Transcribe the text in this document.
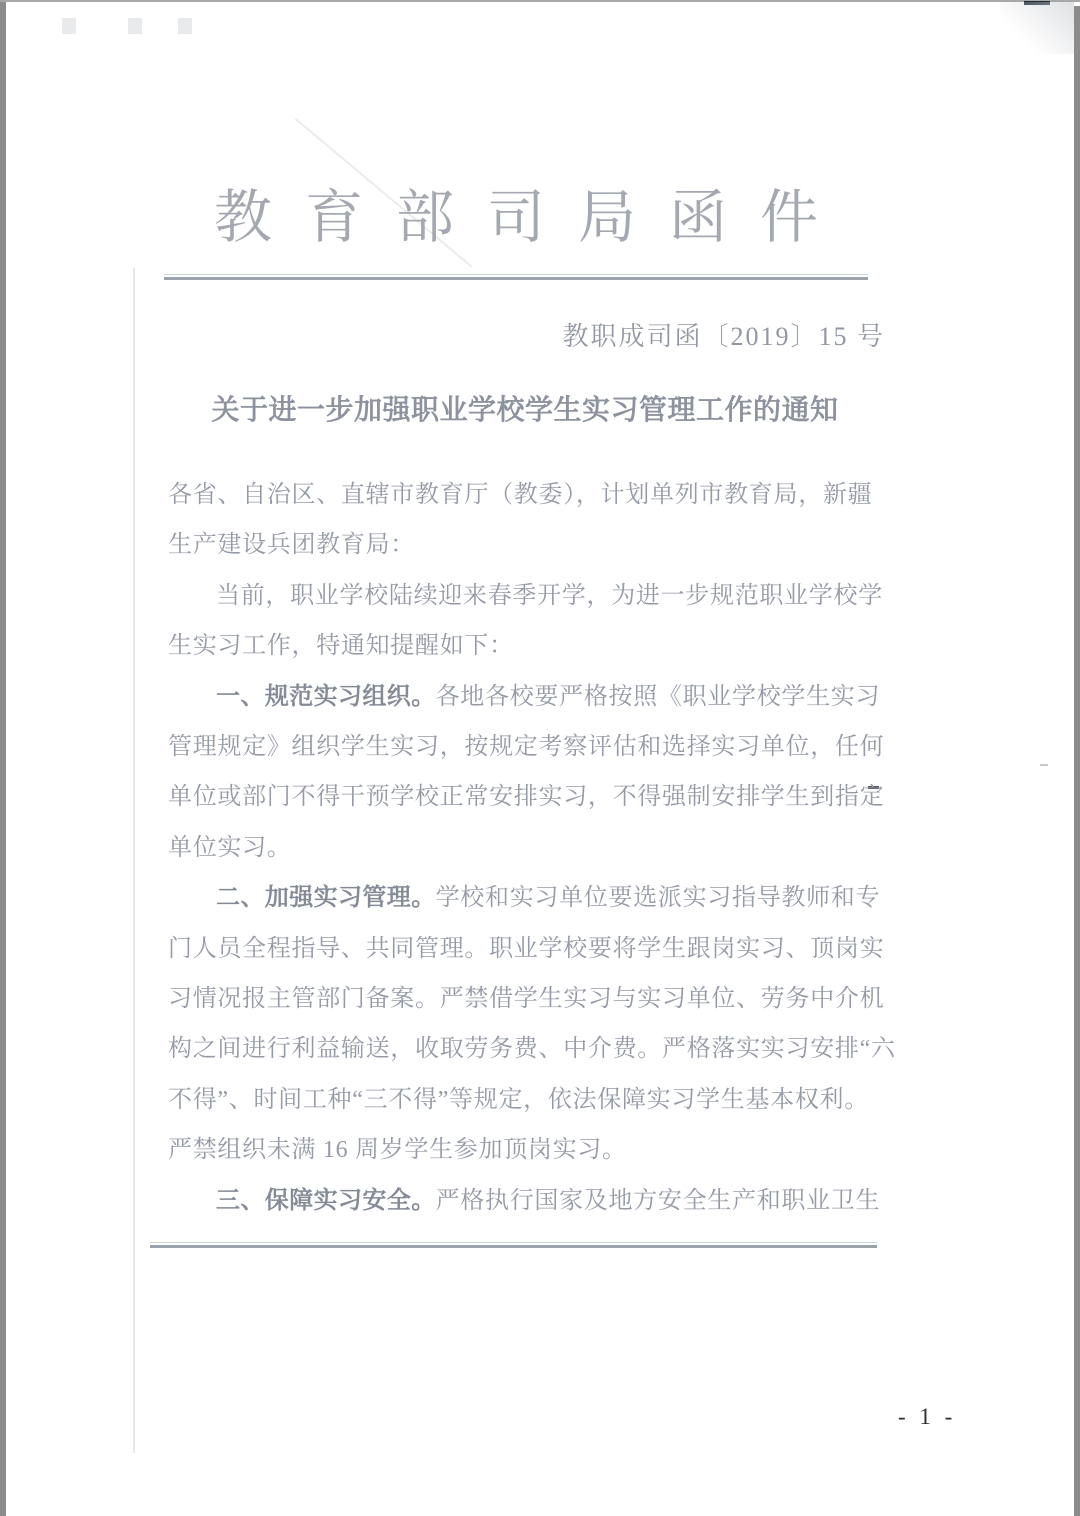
教育部司局函件
教职成司函〔2019〕15 号
关于进一步加强职业学校学生实习管理工作的通知
各省、自治区、直辖市教育厅（教委），计划单列市教育局，新疆
生产建设兵团教育局：
当前，职业学校陆续迎来春季开学，为进一步规范职业学校学
生实习工作，特通知提醒如下：
一、规范实习组织。各地各校要严格按照《职业学校学生实习
管理规定》组织学生实习，按规定考察评估和选择实习单位，任何
单位或部门不得干预学校正常安排实习，不得强制安排学生到指定
单位实习。
二、加强实习管理。学校和实习单位要选派实习指导教师和专
门人员全程指导、共同管理。职业学校要将学生跟岗实习、顶岗实
习情况报主管部门备案。严禁借学生实习与实习单位、劳务中介机
构之间进行利益输送，收取劳务费、中介费。严格落实实习安排“六
不得”、时间工种“三不得”等规定，依法保障实习学生基本权利。
严禁组织未满 16 周岁学生参加顶岗实习。
三、保障实习安全。严格执行国家及地方安全生产和职业卫生
- 1 -
